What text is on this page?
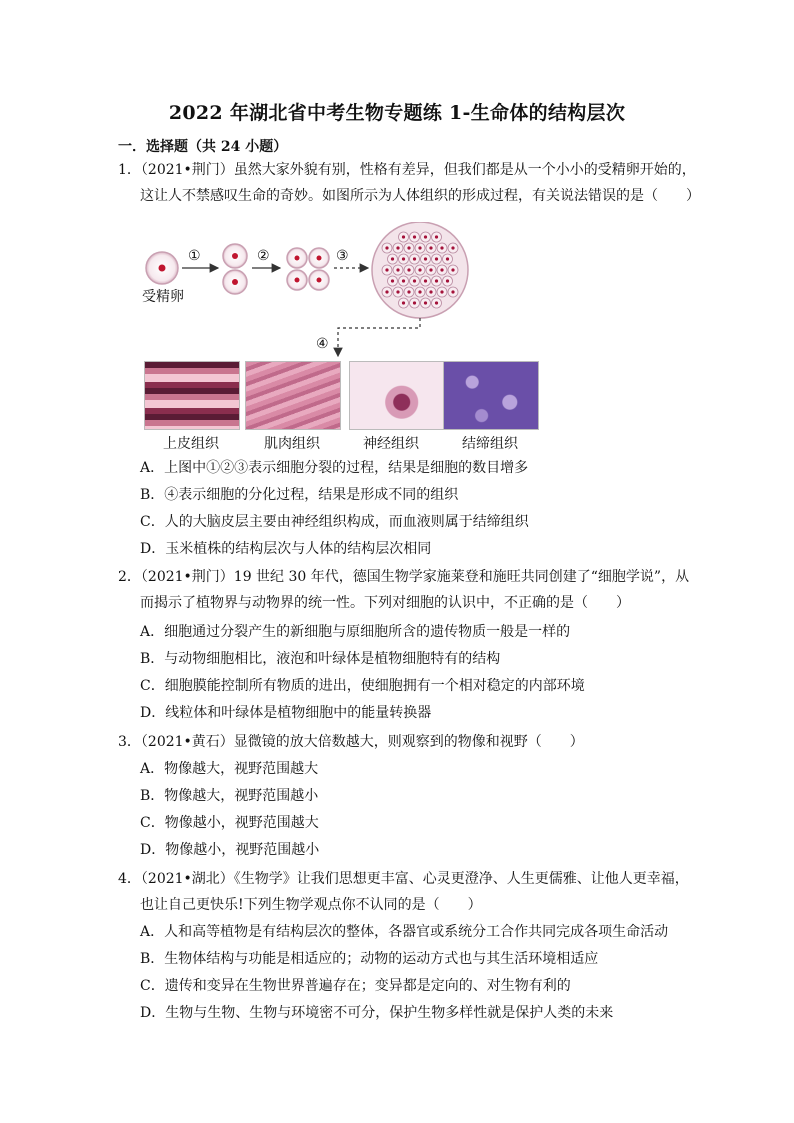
2022 年湖北省中考生物专题练 1-生命体的结构层次
一．选择题（共 24 小题）
1．（2021•荆门）虽然大家外貌有别，性格有差异，但我们都是从一个小小的受精卵开始的，
这让人不禁感叹生命的奇妙。如图所示为人体组织的形成过程，有关说法错误的是（　　）
①	②	③
④
受精卵
上皮组织	肌肉组织	神经组织	结缔组织
A．上图中①②③表示细胞分裂的过程，结果是细胞的数目增多
B．④表示细胞的分化过程，结果是形成不同的组织
C．人的大脑皮层主要由神经组织构成，而血液则属于结缔组织
D．玉米植株的结构层次与人体的结构层次相同
2．（2021•荆门）19 世纪 30 年代，德国生物学家施莱登和施旺共同创建了“细胞学说”，从
而揭示了植物界与动物界的统一性。下列对细胞的认识中，不正确的是（　　）
A．细胞通过分裂产生的新细胞与原细胞所含的遗传物质一般是一样的
B．与动物细胞相比，液泡和叶绿体是植物细胞特有的结构
C．细胞膜能控制所有物质的进出，使细胞拥有一个相对稳定的内部环境
D．线粒体和叶绿体是植物细胞中的能量转换器
3．（2021•黄石）显微镜的放大倍数越大，则观察到的物像和视野（　　）
A．物像越大，视野范围越大
B．物像越大，视野范围越小
C．物像越小，视野范围越大
D．物像越小，视野范围越小
4．（2021•湖北）《生物学》让我们思想更丰富、心灵更澄净、人生更儒雅、让他人更幸福，
也让自己更快乐!下列生物学观点你不认同的是（　　）
A．人和高等植物是有结构层次的整体，各器官或系统分工合作共同完成各项生命活动
B．生物体结构与功能是相适应的；动物的运动方式也与其生活环境相适应
C．遗传和变异在生物世界普遍存在；变异都是定向的、对生物有利的
D．生物与生物、生物与环境密不可分，保护生物多样性就是保护人类的未来
